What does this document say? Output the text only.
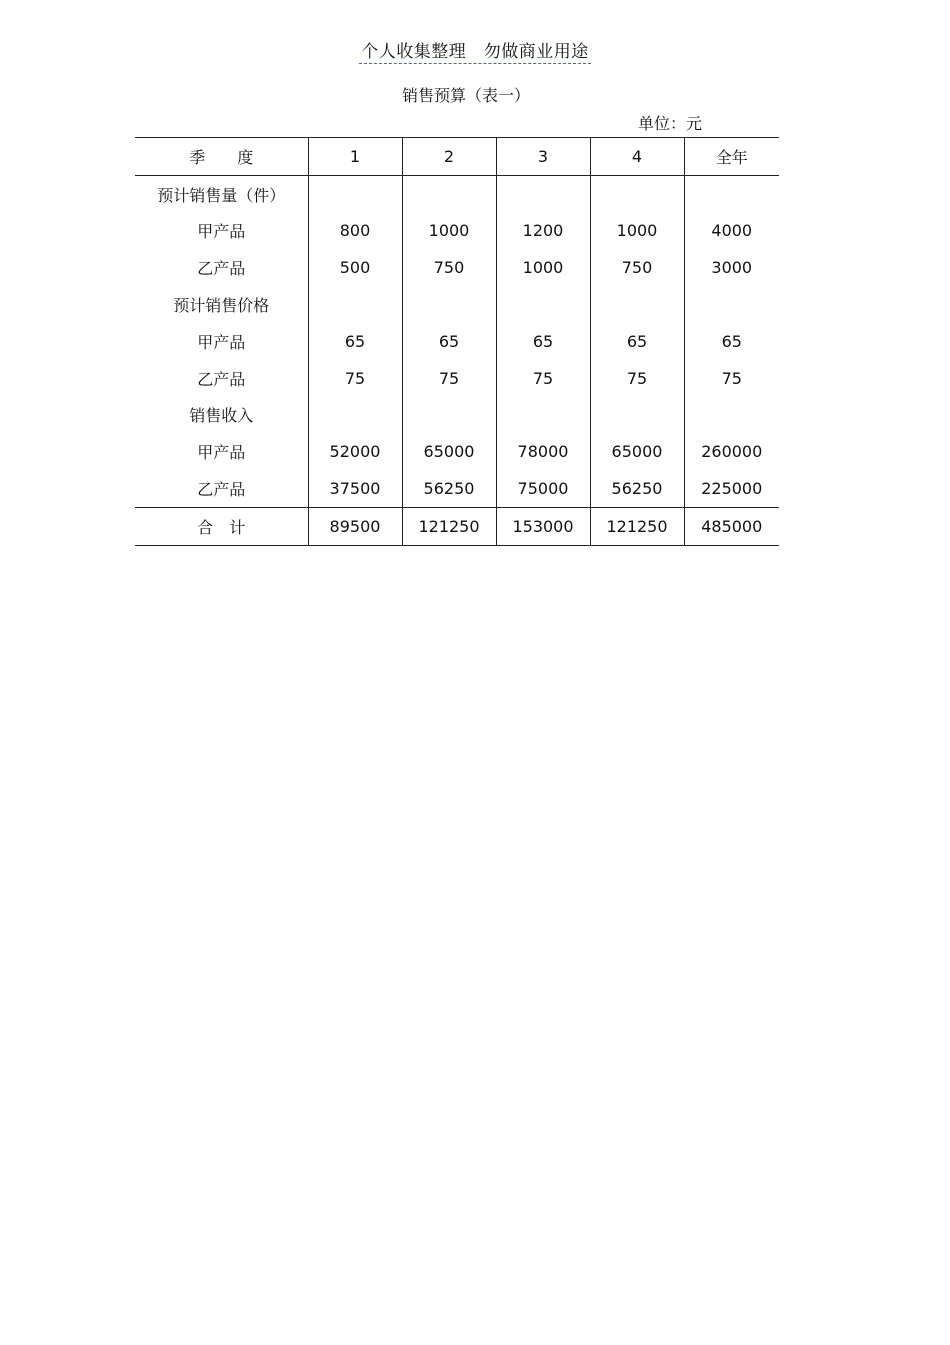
个人收集整理　勿做商业用途
销售预算（表一）
单位：元
季　　度	1	2	3	4	全年
预计销售量（件）					
甲产品	800	1000	1200	1000	4000
乙产品	500	750	1000	750	3000
预计销售价格					
甲产品	65	65	65	65	65
乙产品	75	75	75	75	75
销售收入					
甲产品	52000	65000	78000	65000	260000
乙产品	37500	56250	75000	56250	225000
合　计	89500	121250	153000	121250	485000
